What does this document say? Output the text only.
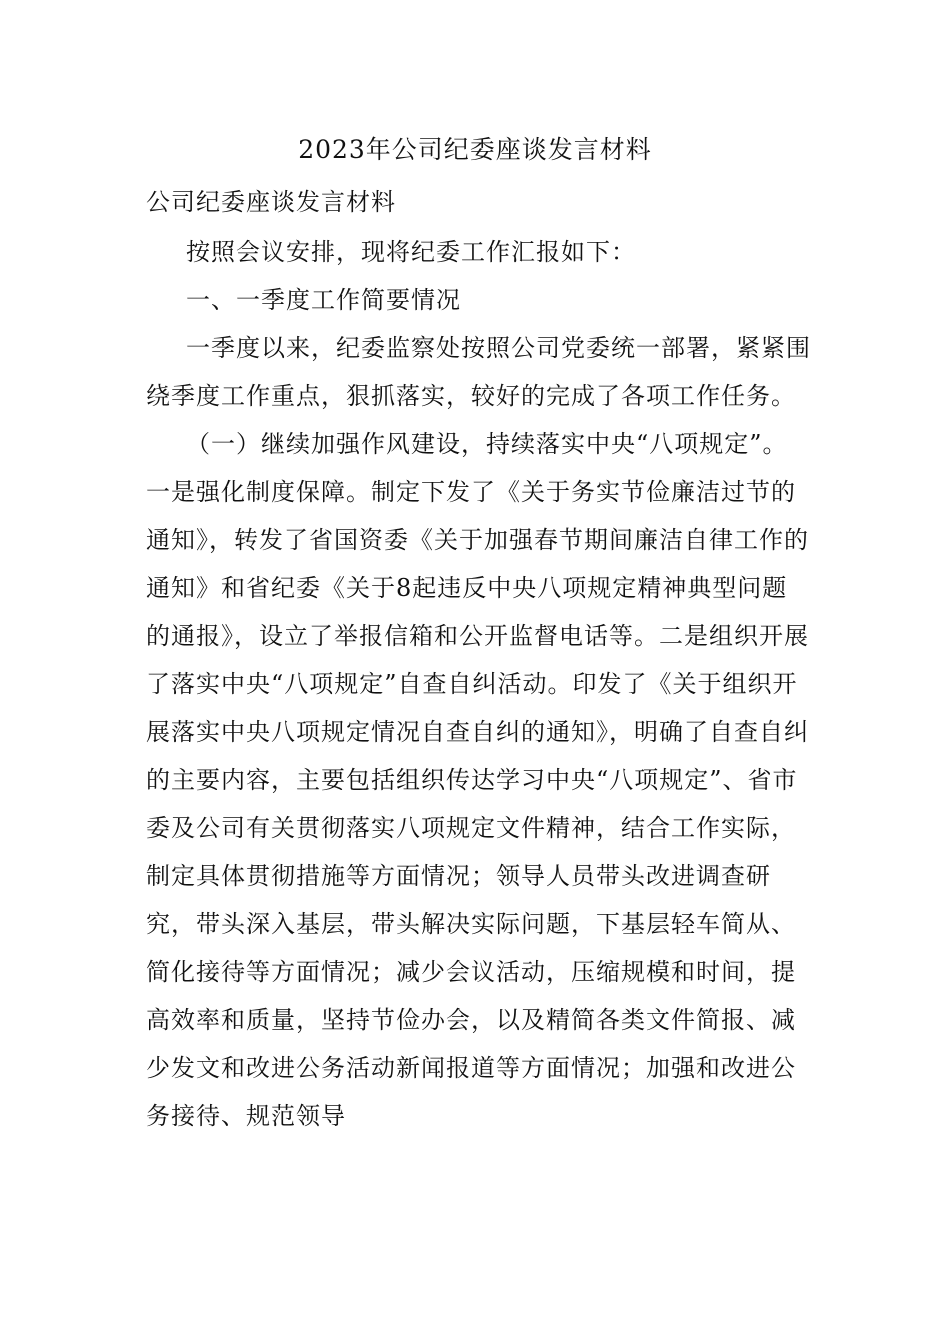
2023年公司纪委座谈发言材料

公司纪委座谈发言材料

按照会议安排，现将纪委工作汇报如下：

一、一季度工作简要情况

一季度以来，纪委监察处按照公司党委统一部署，紧紧围绕季度工作重点，狠抓落实，较好的完成了各项工作任务。

（一）继续加强作风建设，持续落实中央“八项规定”。一是强化制度保障。制定下发了《关于务实节俭廉洁过节的通知》，转发了省国资委《关于加强春节期间廉洁自律工作的通知》和省纪委《关于8起违反中央八项规定精神典型问题的通报》，设立了举报信箱和公开监督电话等。二是组织开展了落实中央“八项规定”自查自纠活动。印发了《关于组织开展落实中央八项规定情况自查自纠的通知》，明确了自查自纠的主要内容，主要包括组织传达学习中央“八项规定”、省市委及公司有关贯彻落实八项规定文件精神，结合工作实际，制定具体贯彻措施等方面情况；领导人员带头改进调查研究，带头深入基层，带头解决实际问题，下基层轻车简从、简化接待等方面情况；减少会议活动，压缩规模和时间，提高效率和质量，坚持节俭办会，以及精简各类文件简报、减少发文和改进公务活动新闻报道等方面情况；加强和改进公务接待、规范领导
